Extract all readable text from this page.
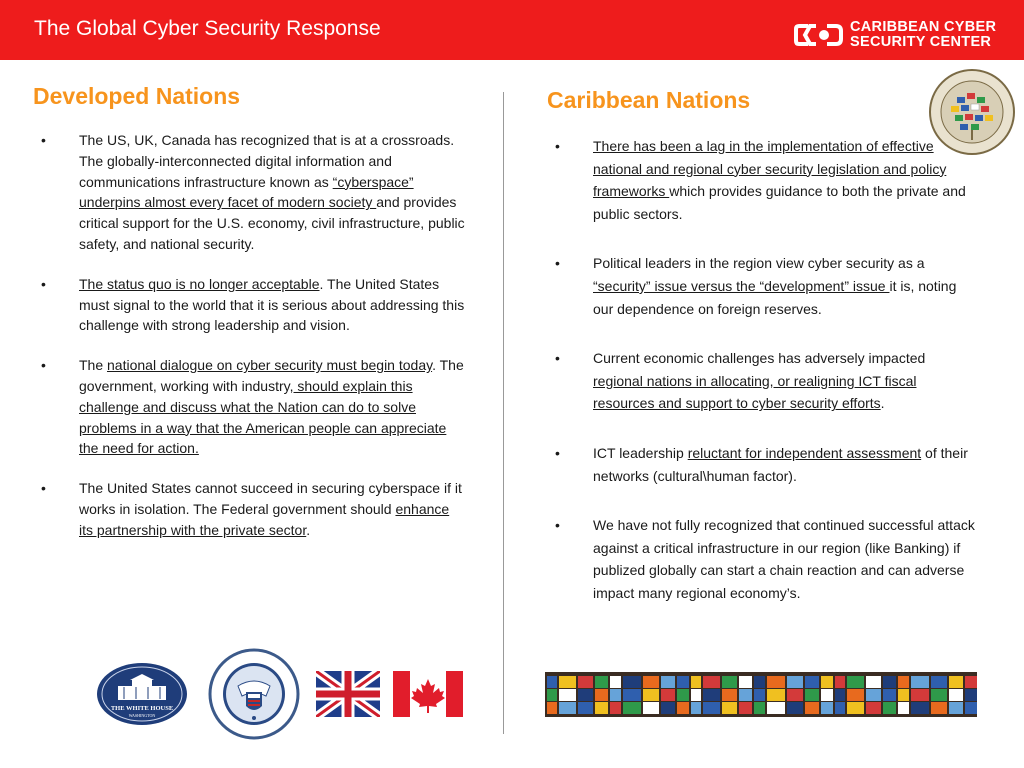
The Global Cyber Security Response	CARIBBEAN CYBER
SECURITY CENTER
Developed Nations
• The US, UK, Canada has recognized that is at a crossroads. The globally-interconnected digital information and communications infrastructure known as “cyberspace” underpins almost every facet of modern society and provides critical support for the U.S. economy, civil infrastructure, public safety, and national security.
• The status quo is no longer acceptable. The United States must signal to the world that it is serious about addressing this challenge with strong leadership and vision.
• The national dialogue on cyber security must begin today. The government, working with industry, should explain this challenge and discuss what the Nation can do to solve problems in a way that the American people can appreciate the need for action.
• The United States cannot succeed in securing cyberspace if it works in isolation. The Federal government should enhance its partnership with the private sector.
Caribbean Nations
• There has been a lag in the implementation of effective national and regional cyber security legislation and policy frameworks which provides guidance to both the private and public sectors.
• Political leaders in the region view cyber security as a “security” issue versus the “development” issue it is, noting our dependence on foreign reserves.
• Current economic challenges has adversely impacted regional nations in allocating, or realigning ICT fiscal resources and support to cyber security efforts.
• ICT leadership reluctant for independent assessment of their networks (cultural\human factor).
• We have not fully recognized that continued successful attack against a critical infrastructure in our region (like Banking) if publized globally can start a chain reaction and can adverse impact many regional economy’s.
THE WHITE HOUSE
WASHINGTON
